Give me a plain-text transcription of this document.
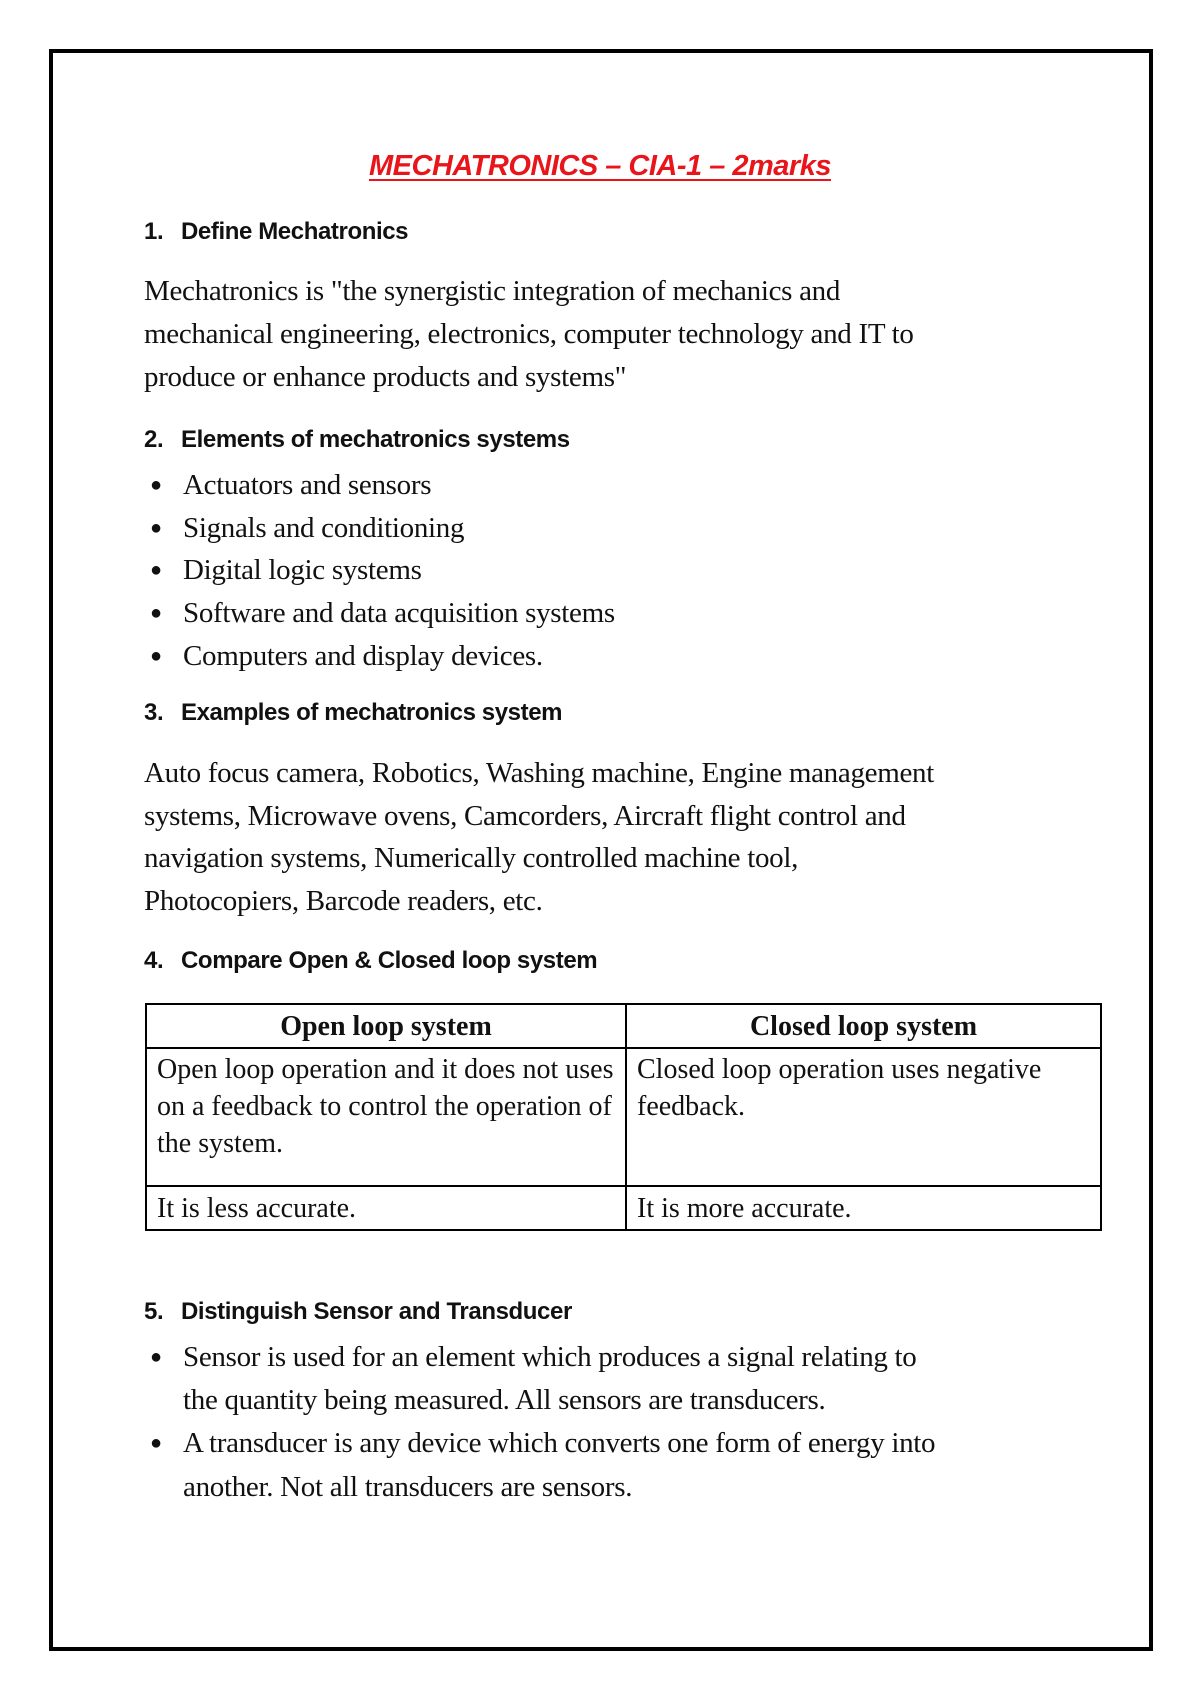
MECHATRONICS – CIA-1 – 2marks
1. Define Mechatronics
Mechatronics is "the synergistic integration of mechanics and
mechanical engineering, electronics, computer technology and IT to
produce or enhance products and systems"
2. Elements of mechatronics systems
● Actuators and sensors
● Signals and conditioning
● Digital logic systems
● Software and data acquisition systems
● Computers and display devices.
3. Examples of mechatronics system
Auto focus camera, Robotics, Washing machine, Engine management
systems, Microwave ovens, Camcorders, Aircraft flight control and
navigation systems, Numerically controlled machine tool,
Photocopiers, Barcode readers, etc.
4. Compare Open & Closed loop system
Open loop system	Closed loop system
Open loop operation and it does not uses on a feedback to control the operation of the system.	Closed loop operation uses negative feedback.
It is less accurate.	It is more accurate.
5. Distinguish Sensor and Transducer
● Sensor is used for an element which produces a signal relating to
the quantity being measured. All sensors are transducers.
● A transducer is any device which converts one form of energy into
another. Not all transducers are sensors.
